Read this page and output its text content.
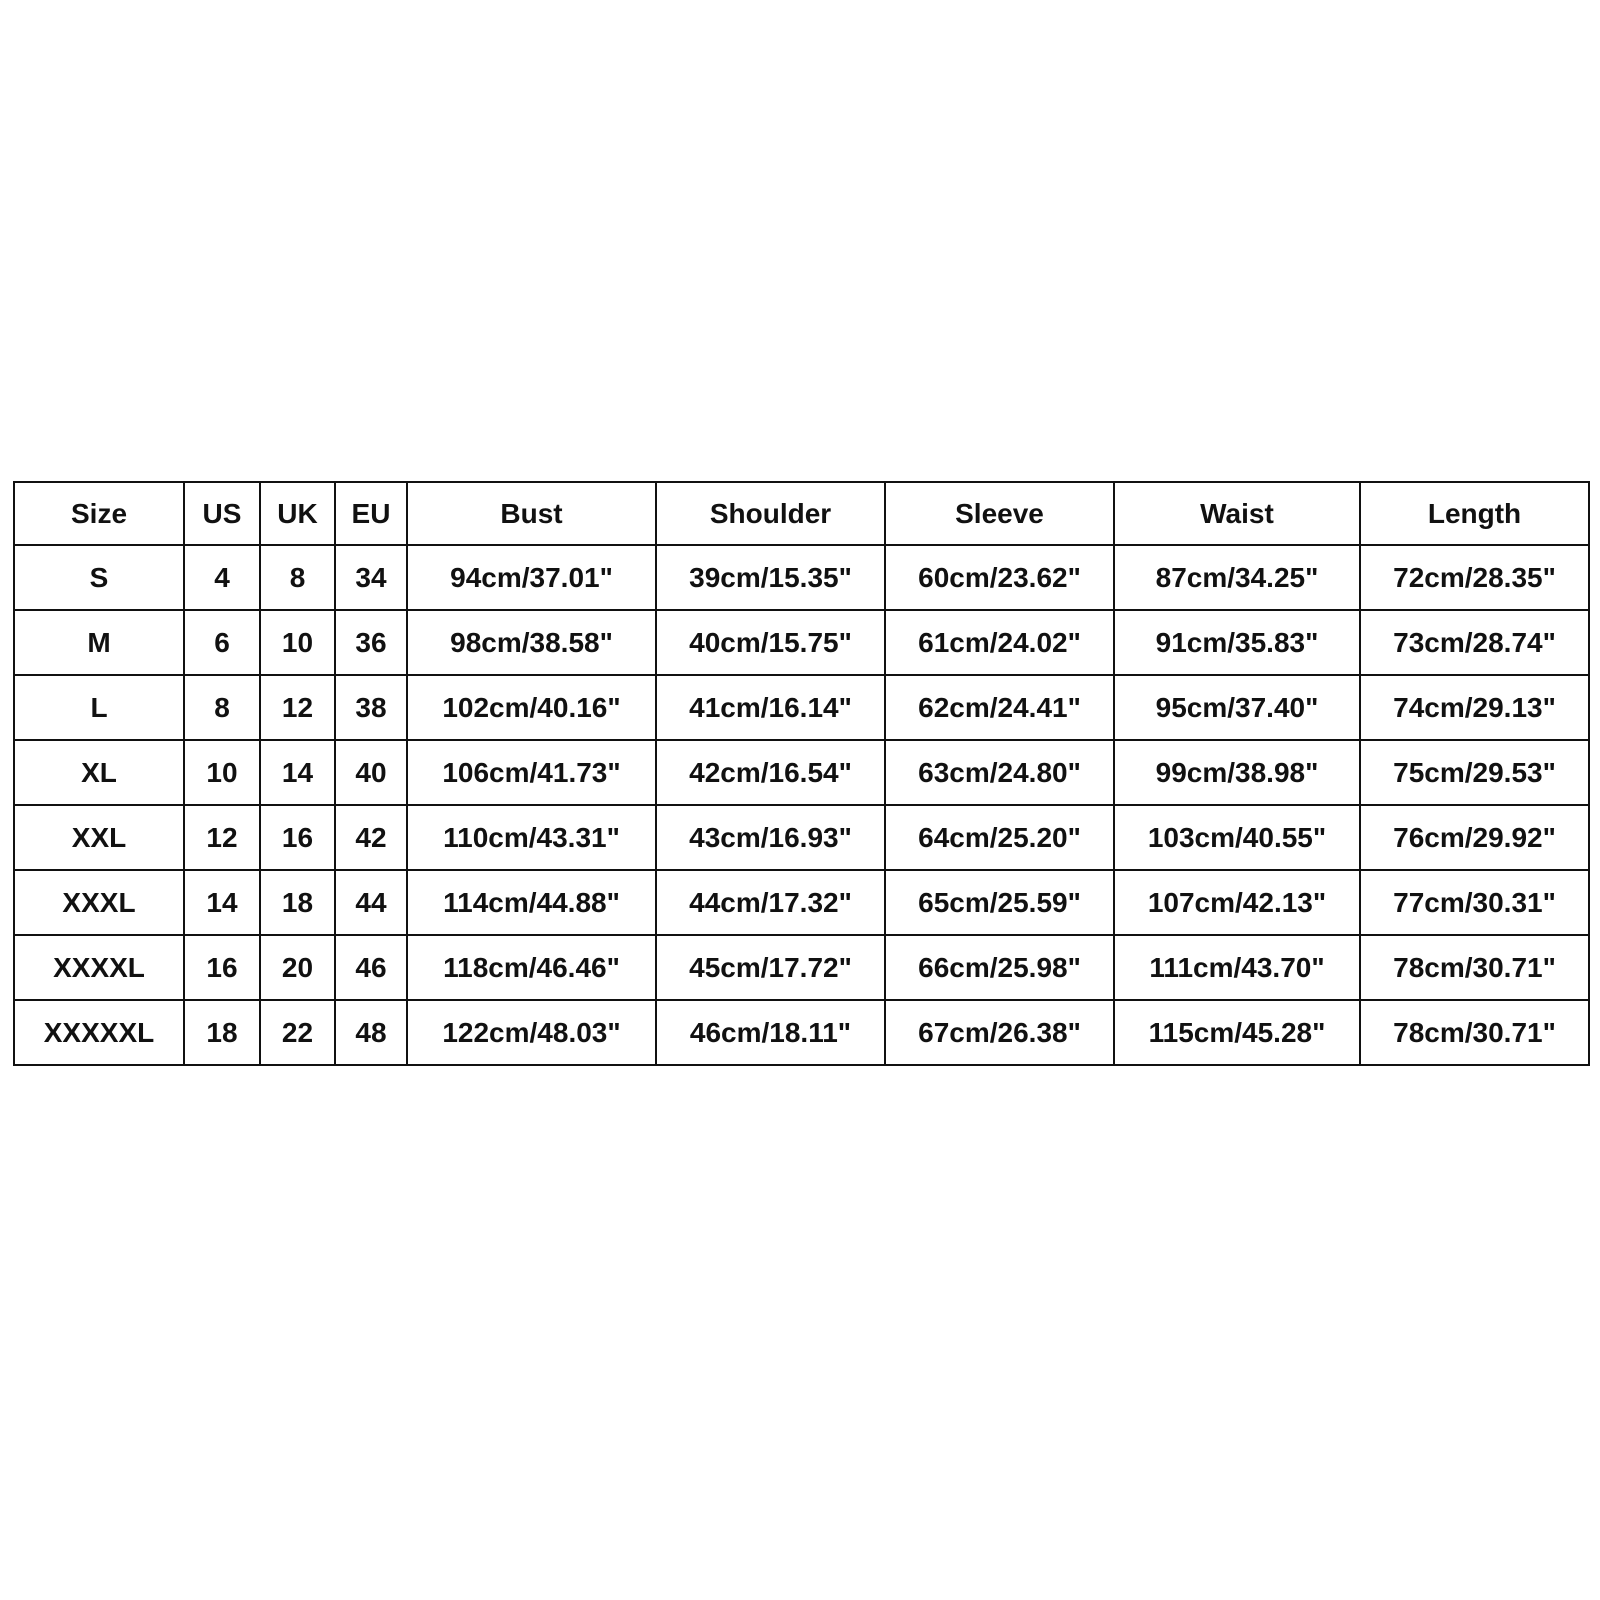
Size	US	UK	EU	Bust	Shoulder	Sleeve	Waist	Length
S	4	8	34	94cm/37.01"	39cm/15.35"	60cm/23.62"	87cm/34.25"	72cm/28.35"
M	6	10	36	98cm/38.58"	40cm/15.75"	61cm/24.02"	91cm/35.83"	73cm/28.74"
L	8	12	38	102cm/40.16"	41cm/16.14"	62cm/24.41"	95cm/37.40"	74cm/29.13"
XL	10	14	40	106cm/41.73"	42cm/16.54"	63cm/24.80"	99cm/38.98"	75cm/29.53"
XXL	12	16	42	110cm/43.31"	43cm/16.93"	64cm/25.20"	103cm/40.55"	76cm/29.92"
XXXL	14	18	44	114cm/44.88"	44cm/17.32"	65cm/25.59"	107cm/42.13"	77cm/30.31"
XXXXL	16	20	46	118cm/46.46"	45cm/17.72"	66cm/25.98"	111cm/43.70"	78cm/30.71"
XXXXXL	18	22	48	122cm/48.03"	46cm/18.11"	67cm/26.38"	115cm/45.28"	78cm/30.71"
